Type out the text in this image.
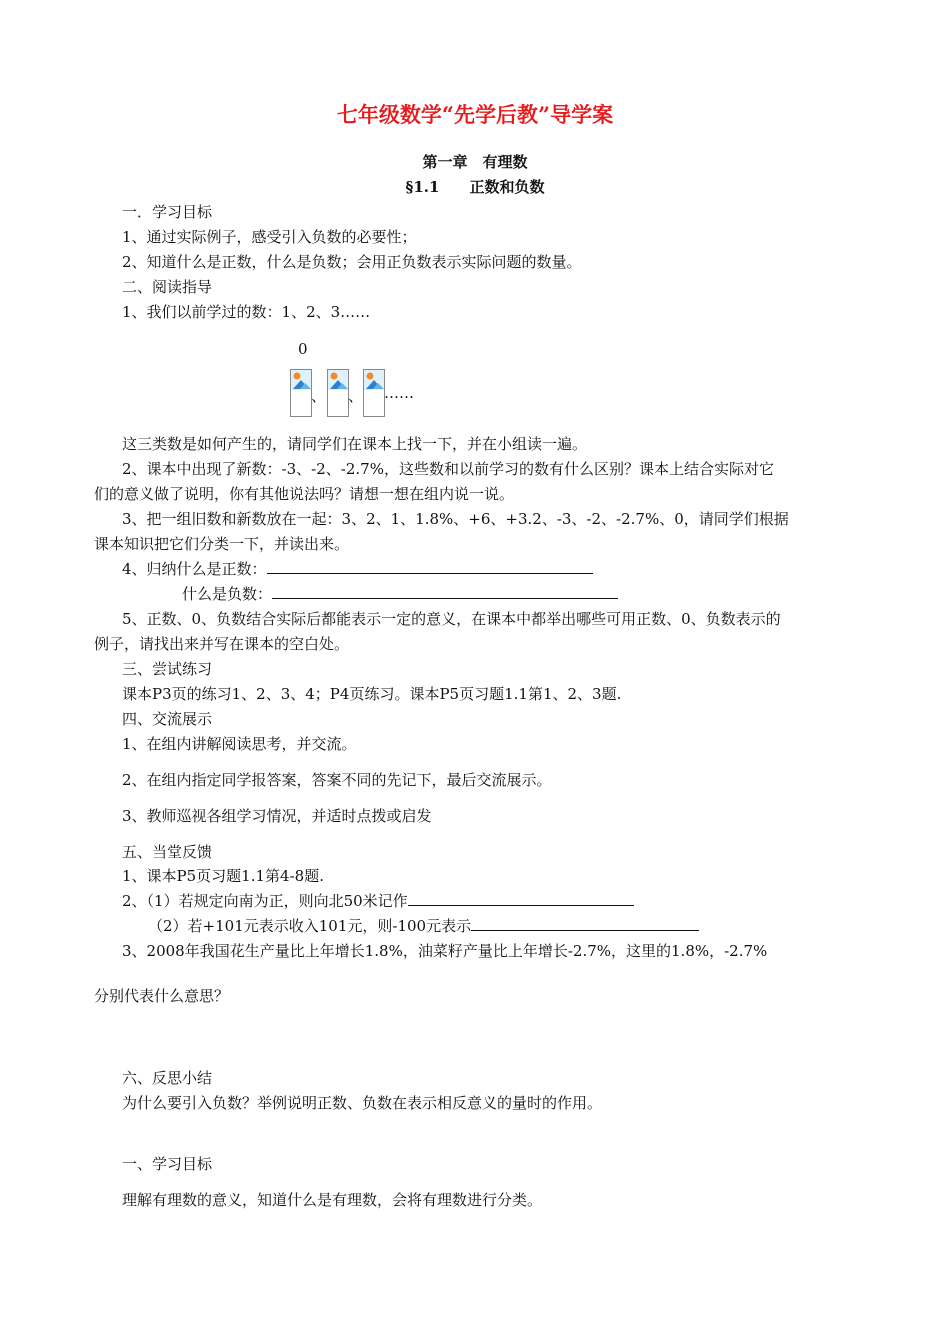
七年级数学“先学后教”导学案
第一章　有理数
§1.1　　正数和负数
一．学习目标
1、通过实际例子，感受引入负数的必要性；
2、知道什么是正数，什么是负数；会用正负数表示实际问题的数量。
二、阅读指导
1、我们以前学过的数：1、2、3……
0
、 、 ……
这三类数是如何产生的，请同学们在课本上找一下，并在小组读一遍。
2、课本中出现了新数：-3、-2、-2.7%，这些数和以前学习的数有什么区别？课本上结合实际对它
们的意义做了说明，你有其他说法吗？请想一想在组内说一说。
3、把一组旧数和新数放在一起：3、2、1、1.8%、+6、+3.2、-3、-2、-2.7%、0，请同学们根据
课本知识把它们分类一下，并读出来。
4、归纳什么是正数：
什么是负数：
5、正数、0、负数结合实际后都能表示一定的意义，在课本中都举出哪些可用正数、0、负数表示的
例子，请找出来并写在课本的空白处。
三、尝试练习
课本P3页的练习1、2、3、4；P4页练习。课本P5页习题1.1第1、2、3题.
四、交流展示
1、在组内讲解阅读思考，并交流。
2、在组内指定同学报答案，答案不同的先记下，最后交流展示。
3、教师巡视各组学习情况，并适时点拨或启发
五、当堂反馈
1、课本P5页习题1.1第4-8题.
2、（1）若规定向南为正，则向北50米记作
（2）若+101元表示收入101元，则-100元表示
3、2008年我国花生产量比上年增长1.8%，油菜籽产量比上年增长-2.7%，这里的1.8%，-2.7%
分别代表什么意思？
六、反思小结
为什么要引入负数？举例说明正数、负数在表示相反意义的量时的作用。
一、学习目标
理解有理数的意义，知道什么是有理数，会将有理数进行分类。
